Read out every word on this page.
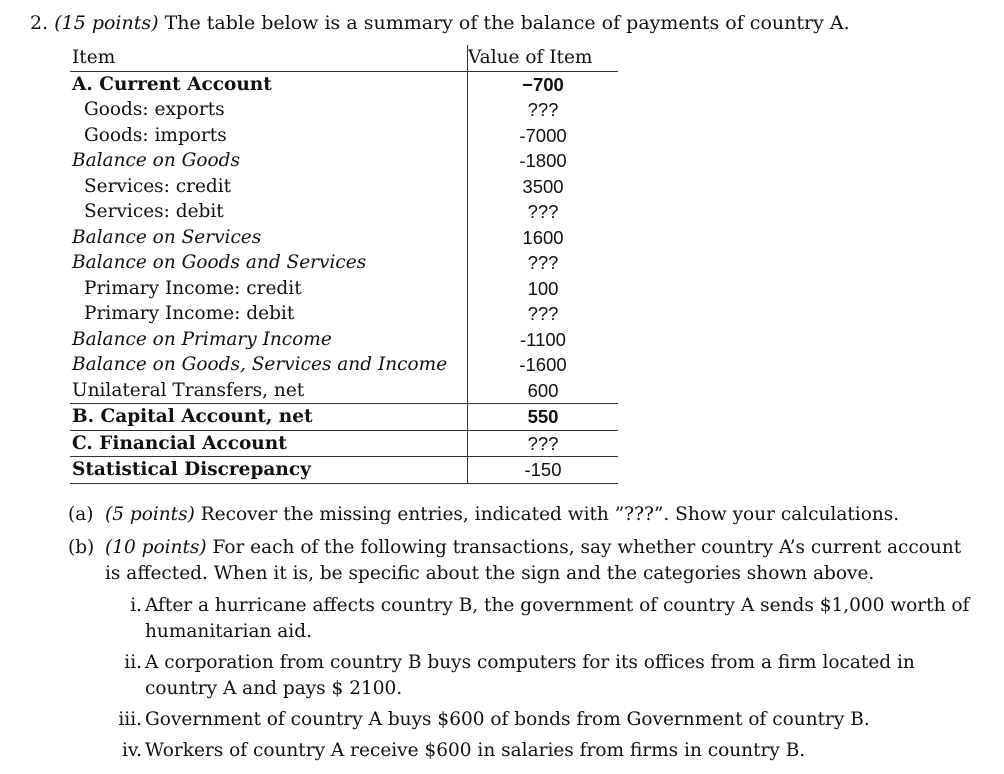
2. (15 points) The table below is a summary of the balance of payments of country A.
Item	Value of Item
A. Current Account	−700
Goods: exports	???
Goods: imports	-7000
Balance on Goods	-1800
Services: credit	3500
Services: debit	???
Balance on Services	1600
Balance on Goods and Services	???
Primary Income: credit	100
Primary Income: debit	???
Balance on Primary Income	-1100
Balance on Goods, Services and Income	-1600
Unilateral Transfers, net	600
B. Capital Account, net	550
C. Financial Account	???
Statistical Discrepancy	-150
(a) (5 points) Recover the missing entries, indicated with ”???”. Show your calculations.
(b) (10 points) For each of the following transactions, say whether country A’s current account is affected. When it is, be specific about the sign and the categories shown above.
i. After a hurricane affects country B, the government of country A sends $1,000 worth of humanitarian aid.
ii. A corporation from country B buys computers for its offices from a firm located in country A and pays $ 2100.
iii. Government of country A buys $600 of bonds from Government of country B.
iv. Workers of country A receive $600 in salaries from firms in country B.
